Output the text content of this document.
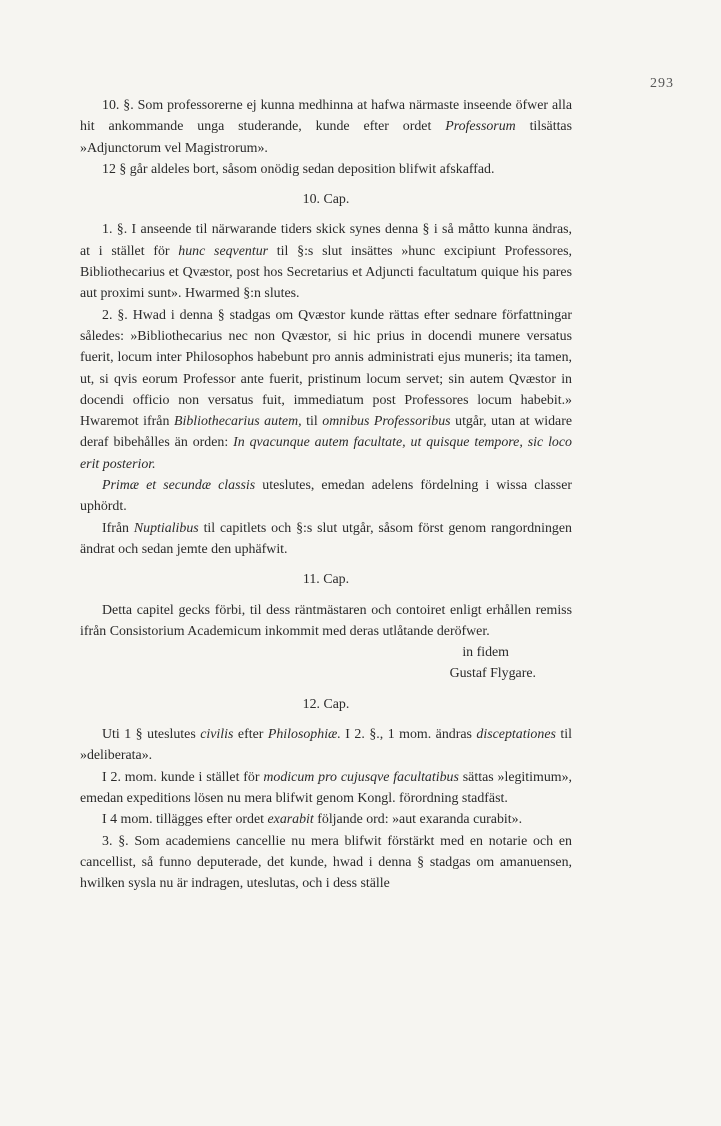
293

10. §. Som professorerne ej kunna medhinna at hafwa närmaste inseende öfwer alla hit ankommande unga studerande, kunde efter ordet Professorum tilsättas »Adjunctorum vel Magistrorum».

12 § går aldeles bort, såsom onödig sedan deposition blifwit afskaffad.

10. Cap.

1. §. I anseende til närwarande tiders skick synes denna § i så måtto kunna ändras, at i stället för hunc seqventur til §:s slut insättes »hunc excipiunt Professores, Bibliothecarius et Qvæstor, post hos Secretarius et Adjuncti facultatum quique his pares aut proximi sunt». Hwarmed §:n slutes.

2. §. Hwad i denna § stadgas om Qvæstor kunde rättas efter sednare författningar således: »Bibliothecarius nec non Qvæstor, si hic prius in docendi munere versatus fuerit, locum inter Philosophos habebunt pro annis administrati ejus muneris; ita tamen, ut, si qvis eorum Professor ante fuerit, pristinum locum servet; sin autem Qvæstor in docendi officio non versatus fuit, immediatum post Professores locum habebit.» Hwaremot ifrån Bibliothecarius autem, til omnibus Professoribus utgår, utan at widare deraf bibehålles än orden: In qvacunque autem facultate, ut quisque tempore, sic loco erit posterior.

Primæ et secundæ classis uteslutes, emedan adelens fördelning i wissa classer uphördt.

Ifrån Nuptialibus til capitlets och §:s slut utgår, såsom först genom rangordningen ändrat och sedan jemte den uphäfwit.

11. Cap.

Detta capitel gecks förbi, til dess räntmästaren och contoiret enligt erhållen remiss ifrån Consistorium Academicum inkommit med deras utlåtande deröfwer.

in fidem

Gustaf Flygare.

12. Cap.

Uti 1 § uteslutes civilis efter Philosophiæ. I 2. §., 1 mom. ändras disceptationes til »deliberata».

I 2. mom. kunde i stället för modicum pro cujusqve facultatibus sättas »legitimum», emedan expeditions lösen nu mera blifwit genom Kongl. förordning stadfäst.

I 4 mom. tillägges efter ordet exarabit följande ord: »aut exaranda curabit».

3. §. Som academiens cancellie nu mera blifwit förstärkt med en notarie och en cancellist, så funno deputerade, det kunde, hwad i denna § stadgas om amanuensen, hwilken sysla nu är indragen, uteslutas, och i dess ställe
